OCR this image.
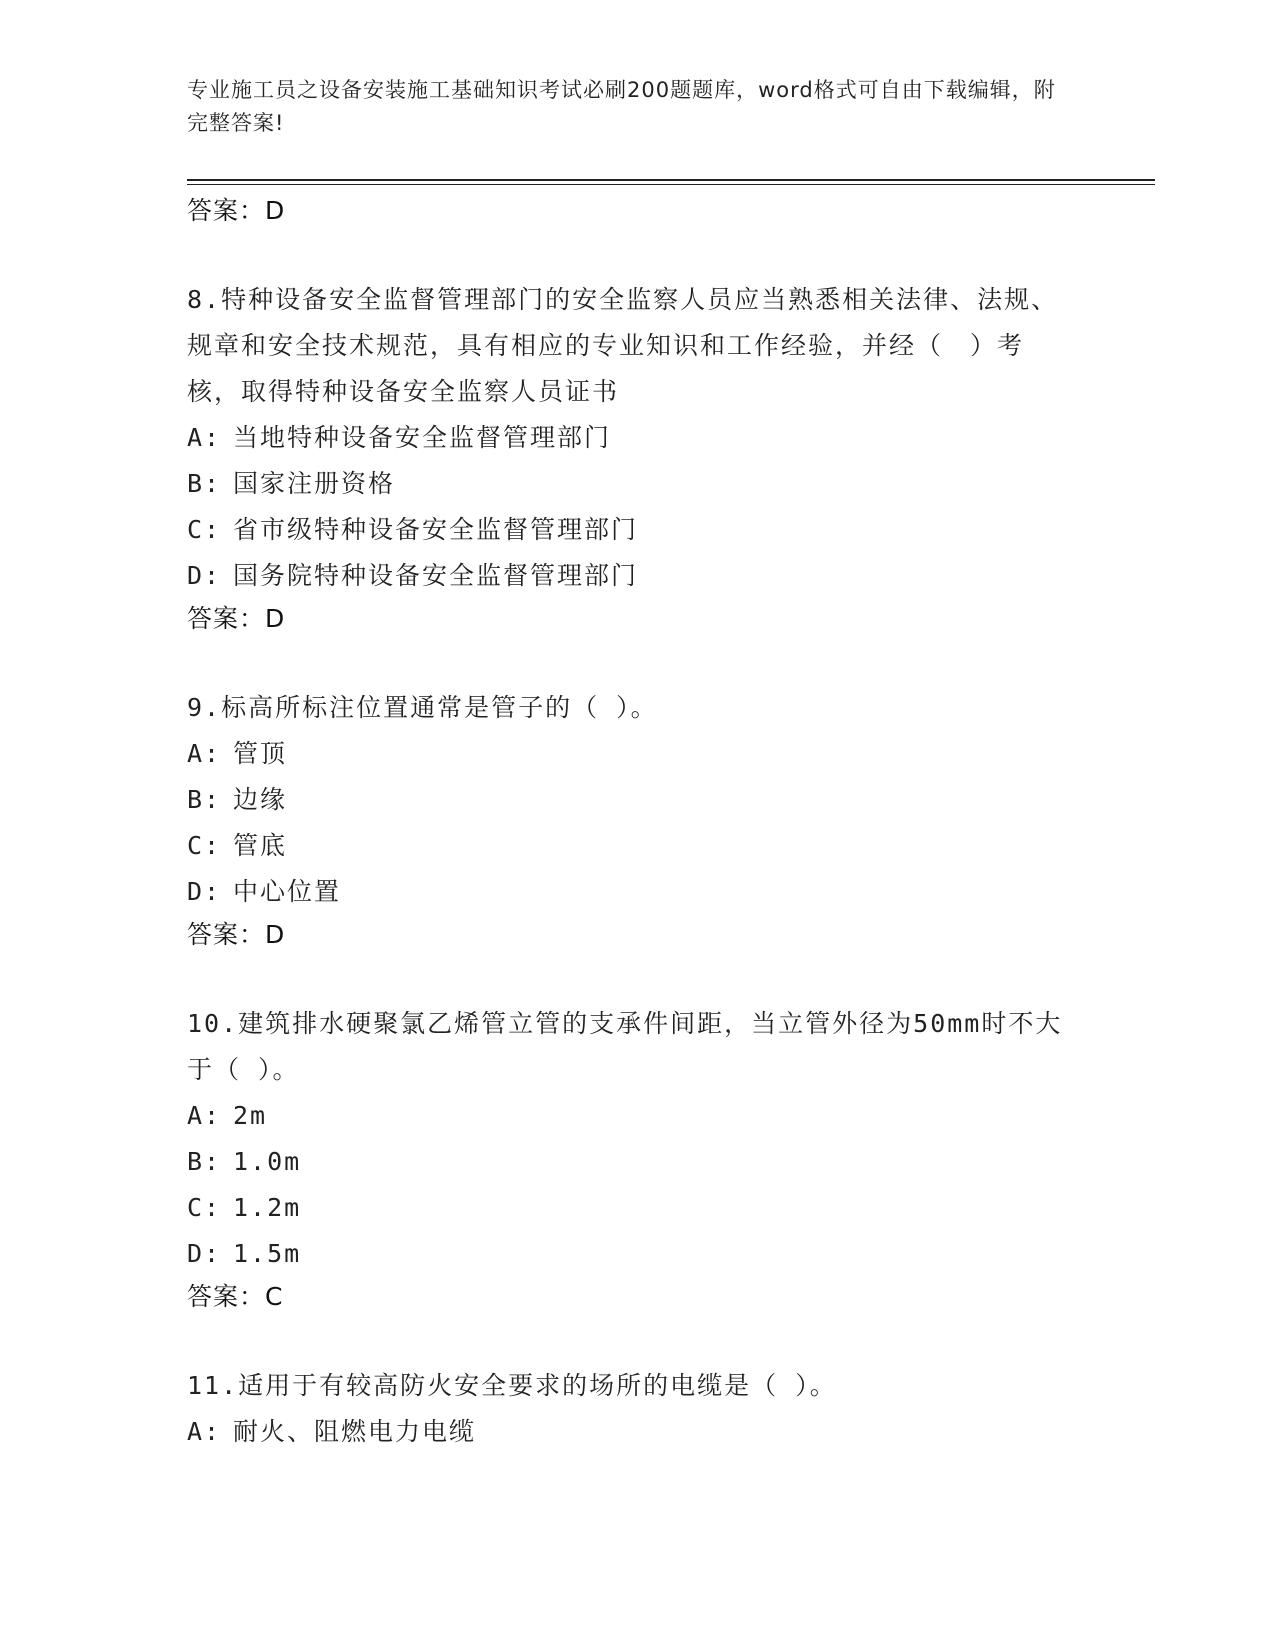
专业施工员之设备安装施工基础知识考试必刷200题题库，word格式可自由下载编辑，附完整答案!
答案：D
8.特种设备安全监督管理部门的安全监察人员应当熟悉相关法律、法规、规章和安全技术规范，具有相应的专业知识和工作经验，并经（　）考核，取得特种设备安全监察人员证书
A: 当地特种设备安全监督管理部门
B: 国家注册资格
C: 省市级特种设备安全监督管理部门
D: 国务院特种设备安全监督管理部门
答案：D
9.标高所标注位置通常是管子的（ ）。
A: 管顶
B: 边缘
C: 管底
D: 中心位置
答案：D
10.建筑排水硬聚氯乙烯管立管的支承件间距，当立管外径为50mm时不大于（ ）。
A: 2m
B: 1.0m
C: 1.2m
D: 1.5m
答案：C
11.适用于有较高防火安全要求的场所的电缆是（ ）。
A: 耐火、阻燃电力电缆
